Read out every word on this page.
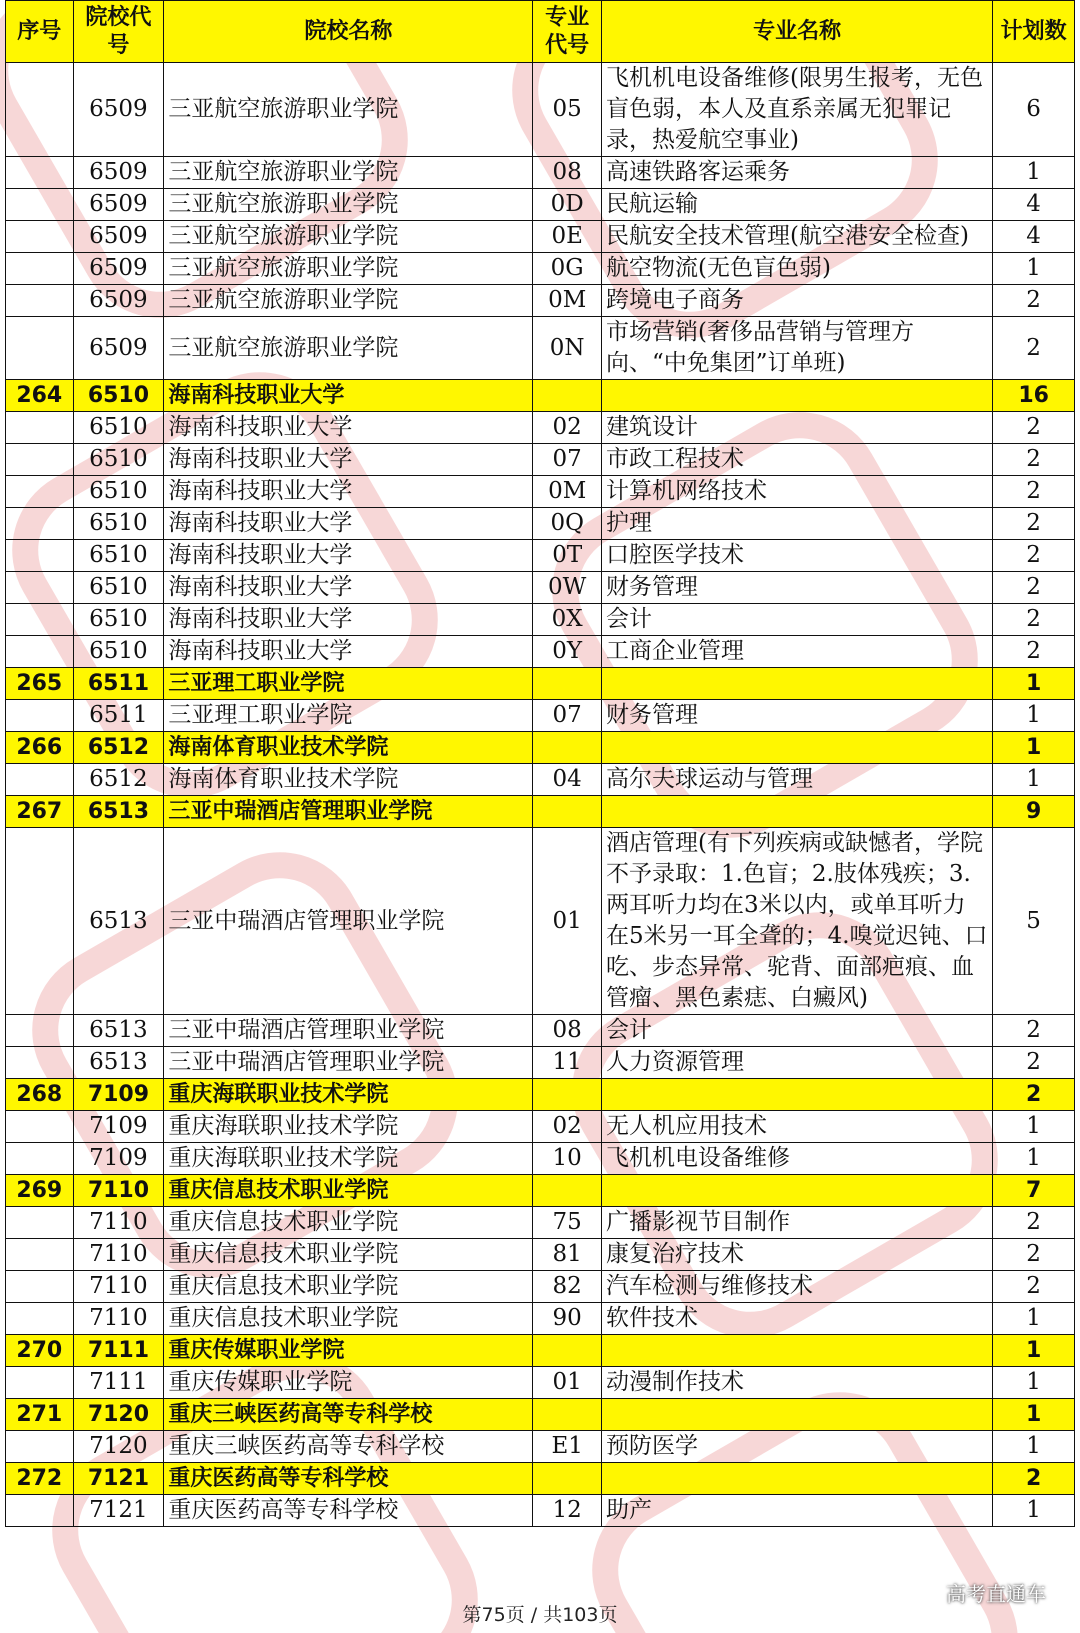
序号	院校代号	院校名称	专业代号	专业名称	计划数
	6509	三亚航空旅游职业学院	05	飞机机电设备维修(限男生报考，无色盲色弱，本人及直系亲属无犯罪记录，热爱航空事业)	6
	6509	三亚航空旅游职业学院	08	高速铁路客运乘务	1
	6509	三亚航空旅游职业学院	0D	民航运输	4
	6509	三亚航空旅游职业学院	0E	民航安全技术管理(航空港安全检查)	4
	6509	三亚航空旅游职业学院	0G	航空物流(无色盲色弱)	1
	6509	三亚航空旅游职业学院	0M	跨境电子商务	2
	6509	三亚航空旅游职业学院	0N	市场营销(奢侈品营销与管理方向、“中免集团”订单班)	2
264	6510	海南科技职业大学			16
	6510	海南科技职业大学	02	建筑设计	2
	6510	海南科技职业大学	07	市政工程技术	2
	6510	海南科技职业大学	0M	计算机网络技术	2
	6510	海南科技职业大学	0Q	护理	2
	6510	海南科技职业大学	0T	口腔医学技术	2
	6510	海南科技职业大学	0W	财务管理	2
	6510	海南科技职业大学	0X	会计	2
	6510	海南科技职业大学	0Y	工商企业管理	2
265	6511	三亚理工职业学院			1
	6511	三亚理工职业学院	07	财务管理	1
266	6512	海南体育职业技术学院			1
	6512	海南体育职业技术学院	04	高尔夫球运动与管理	1
267	6513	三亚中瑞酒店管理职业学院			9
	6513	三亚中瑞酒店管理职业学院	01	酒店管理(有下列疾病或缺憾者，学院不予录取：1.色盲；2.肢体残疾；3.两耳听力均在3米以内，或单耳听力在5米另一耳全聋的；4.嗅觉迟钝、口吃、步态异常、驼背、面部疤痕、血管瘤、黑色素痣、白癜风)	5
	6513	三亚中瑞酒店管理职业学院	08	会计	2
	6513	三亚中瑞酒店管理职业学院	11	人力资源管理	2
268	7109	重庆海联职业技术学院			2
	7109	重庆海联职业技术学院	02	无人机应用技术	1
	7109	重庆海联职业技术学院	10	飞机机电设备维修	1
269	7110	重庆信息技术职业学院			7
	7110	重庆信息技术职业学院	75	广播影视节目制作	2
	7110	重庆信息技术职业学院	81	康复治疗技术	2
	7110	重庆信息技术职业学院	82	汽车检测与维修技术	2
	7110	重庆信息技术职业学院	90	软件技术	1
270	7111	重庆传媒职业学院			1
	7111	重庆传媒职业学院	01	动漫制作技术	1
271	7120	重庆三峡医药高等专科学校			1
	7120	重庆三峡医药高等专科学校	E1	预防医学	1
272	7121	重庆医药高等专科学校			2
	7121	重庆医药高等专科学校	12	助产	1
第75页 / 共103页
高考直通车
